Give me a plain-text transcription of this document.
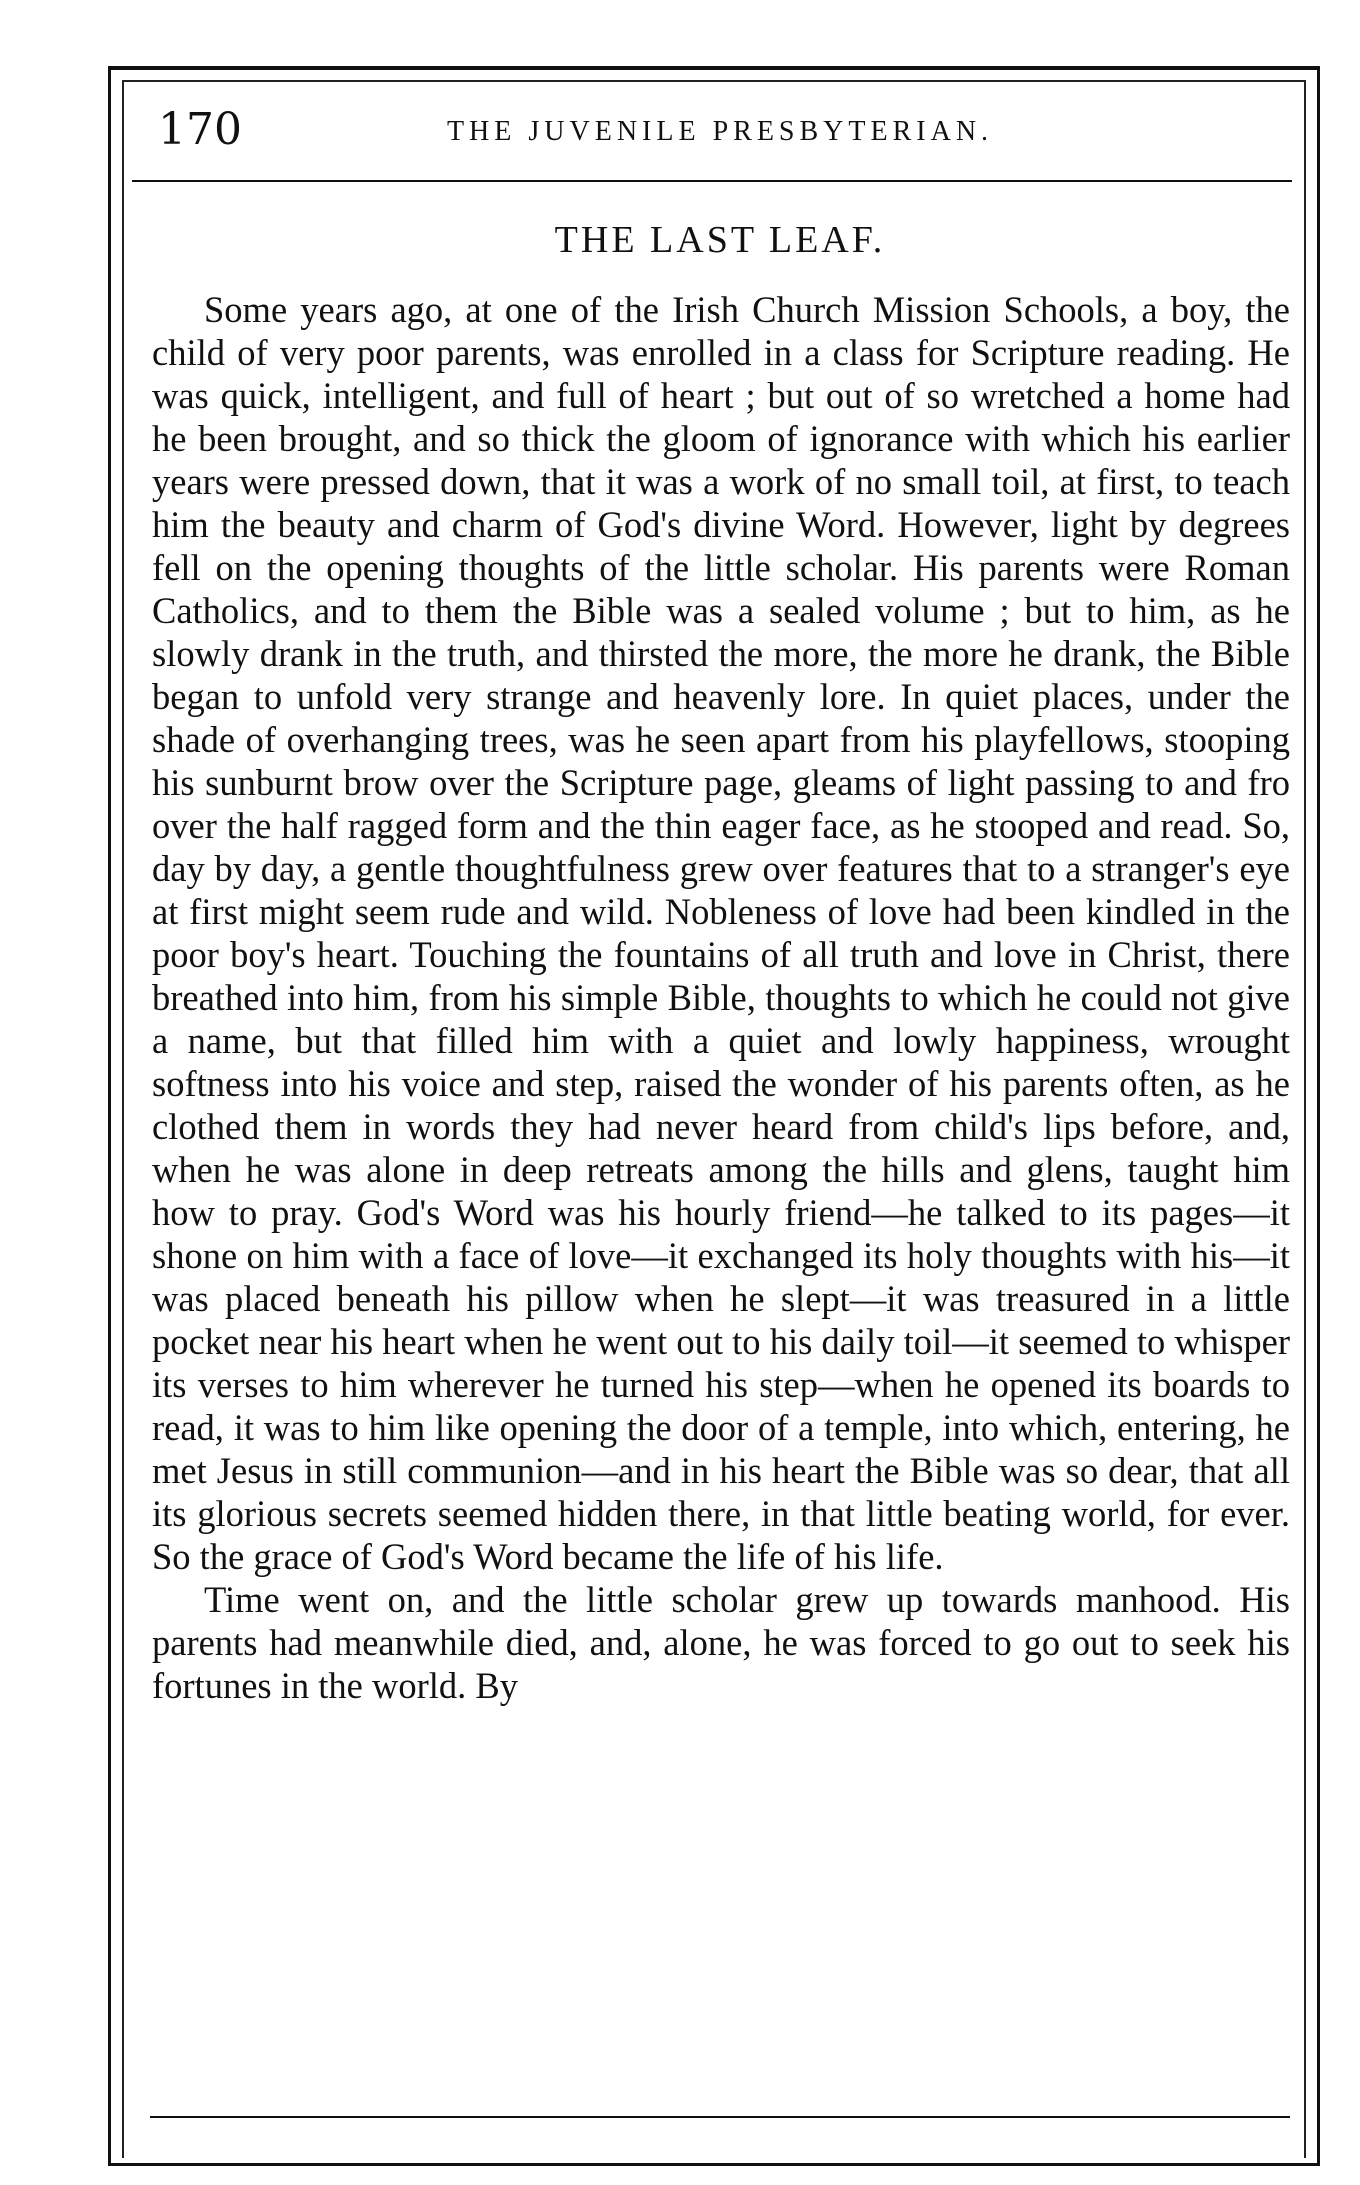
170	THE JUVENILE PRESBYTERIAN.
THE LAST LEAF.

Some years ago, at one of the Irish Church Mission Schools, a boy, the child of very poor parents, was enrolled in a class for Scripture reading. He was quick, intelligent, and full of heart ; but out of so wretched a home had he been brought, and so thick the gloom of ignorance with which his earlier years were pressed down, that it was a work of no small toil, at first, to teach him the beauty and charm of God's divine Word. However, light by degrees fell on the opening thoughts of the little scholar. His parents were Roman Catholics, and to them the Bible was a sealed volume ; but to him, as he slowly drank in the truth, and thirsted the more, the more he drank, the Bible began to unfold very strange and heavenly lore. In quiet places, under the shade of overhanging trees, was he seen apart from his playfellows, stooping his sunburnt brow over the Scripture page, gleams of light passing to and fro over the half ragged form and the thin eager face, as he stooped and read. So, day by day, a gentle thoughtfulness grew over features that to a stranger's eye at first might seem rude and wild. Nobleness of love had been kindled in the poor boy's heart. Touching the fountains of all truth and love in Christ, there breathed into him, from his simple Bible, thoughts to which he could not give a name, but that filled him with a quiet and lowly happiness, wrought softness into his voice and step, raised the wonder of his parents often, as he clothed them in words they had never heard from child's lips before, and, when he was alone in deep retreats among the hills and glens, taught him how to pray. God's Word was his hourly friend—he talked to its pages—it shone on him with a face of love—it exchanged its holy thoughts with his—it was placed beneath his pillow when he slept—it was treasured in a little pocket near his heart when he went out to his daily toil—it seemed to whisper its verses to him wherever he turned his step—when he opened its boards to read, it was to him like opening the door of a temple, into which, entering, he met Jesus in still communion—and in his heart the Bible was so dear, that all its glorious secrets seemed hidden there, in that little beating world, for ever. So the grace of God's Word became the life of his life.

Time went on, and the little scholar grew up towards manhood. His parents had meanwhile died, and, alone, he was forced to go out to seek his fortunes in the world. By
